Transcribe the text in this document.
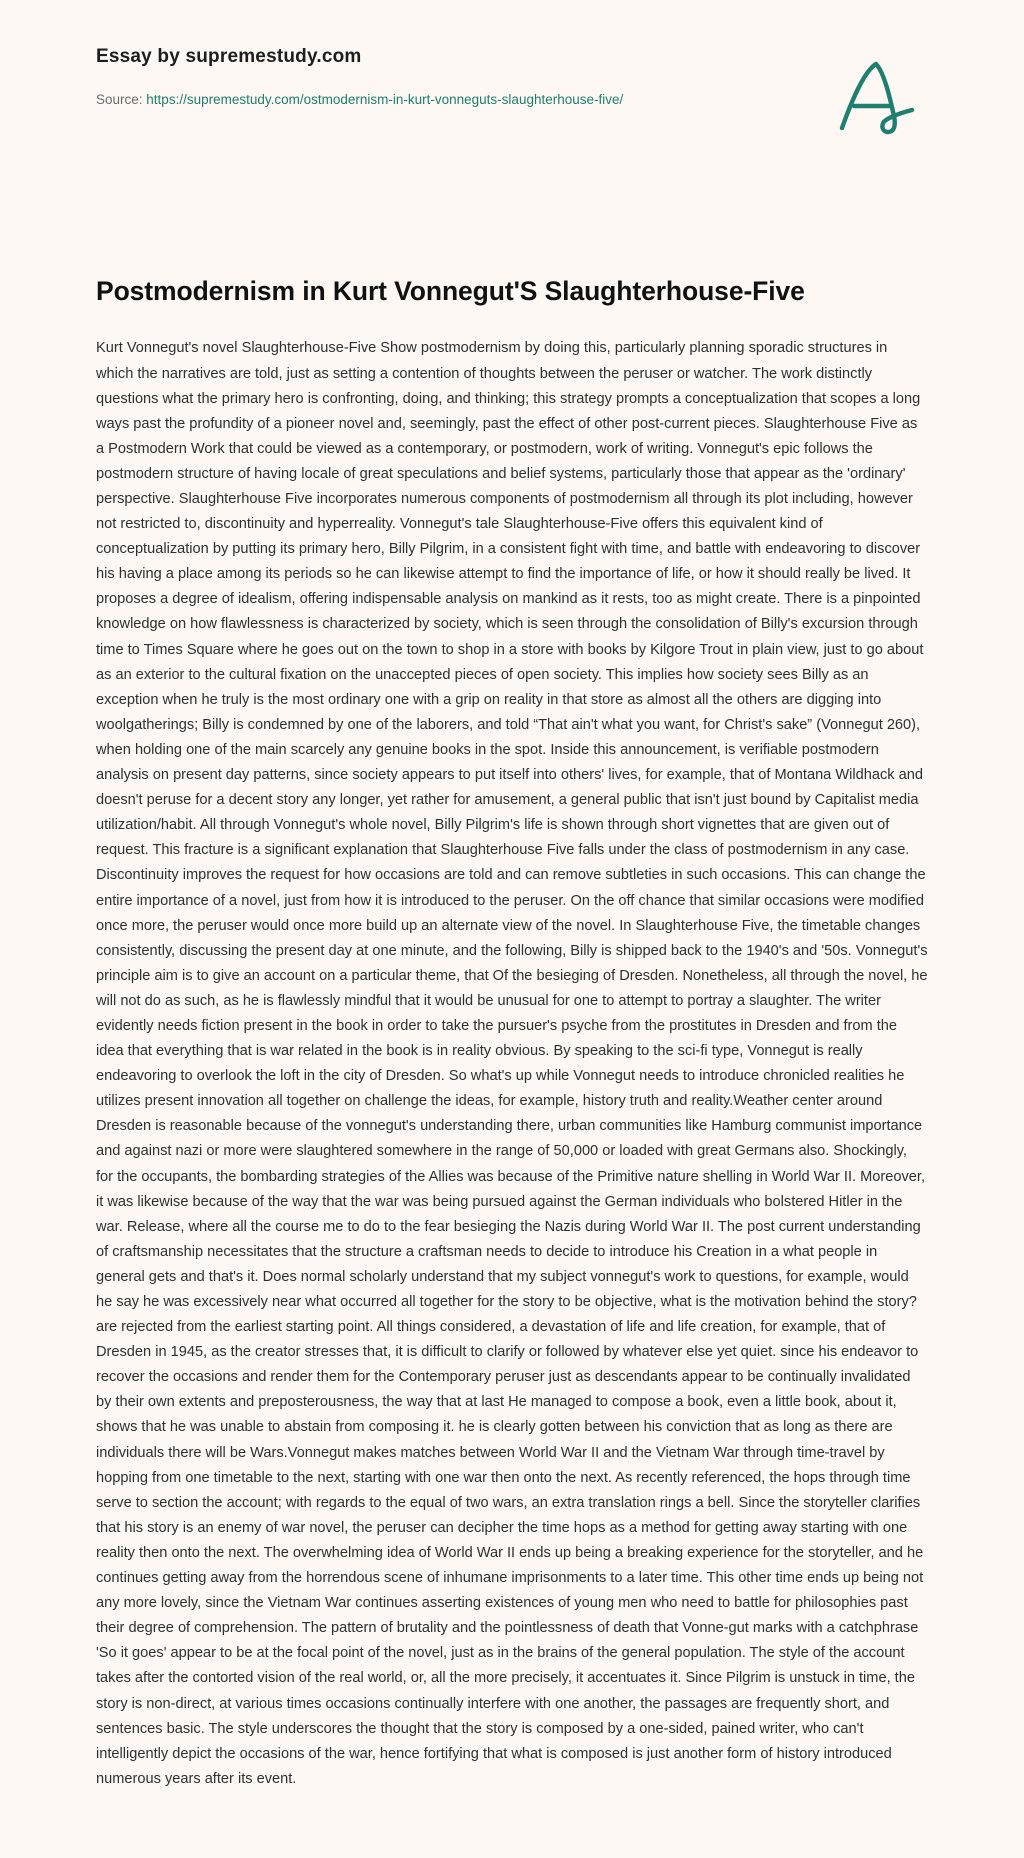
Essay by supremestudy.com
Source: https://supremestudy.com/ostmodernism-in-kurt-vonneguts-slaughterhouse-five/
Postmodernism in Kurt Vonnegut'S Slaughterhouse-Five

Kurt Vonnegut's novel Slaughterhouse-Five Show postmodernism by doing this, particularly planning sporadic structures in which the narratives are told, just as setting a contention of thoughts between the peruser or watcher. The work distinctly questions what the primary hero is confronting, doing, and thinking; this strategy prompts a conceptualization that scopes a long ways past the profundity of a pioneer novel and, seemingly, past the effect of other post-current pieces. Slaughterhouse Five as a Postmodern Work that could be viewed as a contemporary, or postmodern, work of writing. Vonnegut's epic follows the postmodern structure of having locale of great speculations and belief systems, particularly those that appear as the 'ordinary' perspective. Slaughterhouse Five incorporates numerous components of postmodernism all through its plot including, however not restricted to, discontinuity and hyperreality. Vonnegut's tale Slaughterhouse-Five offers this equivalent kind of conceptualization by putting its primary hero, Billy Pilgrim, in a consistent fight with time, and battle with endeavoring to discover his having a place among its periods so he can likewise attempt to find the importance of life, or how it should really be lived. It proposes a degree of idealism, offering indispensable analysis on mankind as it rests, too as might create. There is a pinpointed knowledge on how flawlessness is characterized by society, which is seen through the consolidation of Billy's excursion through time to Times Square where he goes out on the town to shop in a store with books by Kilgore Trout in plain view, just to go about as an exterior to the cultural fixation on the unaccepted pieces of open society. This implies how society sees Billy as an exception when he truly is the most ordinary one with a grip on reality in that store as almost all the others are digging into woolgatherings; Billy is condemned by one of the laborers, and told “That ain't what you want, for Christ's sake” (Vonnegut 260), when holding one of the main scarcely any genuine books in the spot. Inside this announcement, is verifiable postmodern analysis on present day patterns, since society appears to put itself into others' lives, for example, that of Montana Wildhack and doesn't peruse for a decent story any longer, yet rather for amusement, a general public that isn't just bound by Capitalist media utilization/habit. All through Vonnegut's whole novel, Billy Pilgrim's life is shown through short vignettes that are given out of request. This fracture is a significant explanation that Slaughterhouse Five falls under the class of postmodernism in any case. Discontinuity improves the request for how occasions are told and can remove subtleties in such occasions. This can change the entire importance of a novel, just from how it is introduced to the peruser. On the off chance that similar occasions were modified once more, the peruser would once more build up an alternate view of the novel. In Slaughterhouse Five, the timetable changes consistently, discussing the present day at one minute, and the following, Billy is shipped back to the 1940's and '50s. Vonnegut's principle aim is to give an account on a particular theme, that Of the besieging of Dresden. Nonetheless, all through the novel, he will not do as such, as he is flawlessly mindful that it would be unusual for one to attempt to portray a slaughter. The writer evidently needs fiction present in the book in order to take the pursuer's psyche from the prostitutes in Dresden and from the idea that everything that is war related in the book is in reality obvious. By speaking to the sci-fi type, Vonnegut is really endeavoring to overlook the loft in the city of Dresden. So what's up while Vonnegut needs to introduce chronicled realities he utilizes present innovation all together on challenge the ideas, for example, history truth and reality.Weather center around Dresden is reasonable because of the vonnegut's understanding there, urban communities like Hamburg communist importance and against nazi or more were slaughtered somewhere in the range of 50,000 or loaded with great Germans also. Shockingly, for the occupants, the bombarding strategies of the Allies was because of the Primitive nature shelling in World War II. Moreover, it was likewise because of the way that the war was being pursued against the German individuals who bolstered Hitler in the war. Release, where all the course me to do to the fear besieging the Nazis during World War II. The post current understanding of craftsmanship necessitates that the structure a craftsman needs to decide to introduce his Creation in a what people in general gets and that's it. Does normal scholarly understand that my subject vonnegut's work to questions, for example, would he say he was excessively near what occurred all together for the story to be objective, what is the motivation behind the story? are rejected from the earliest starting point. All things considered, a devastation of life and life creation, for example, that of Dresden in 1945, as the creator stresses that, it is difficult to clarify or followed by whatever else yet quiet. since his endeavor to recover the occasions and render them for the Contemporary peruser just as descendants appear to be continually invalidated by their own extents and preposterousness, the way that at last He managed to compose a book, even a little book, about it, shows that he was unable to abstain from composing it. he is clearly gotten between his conviction that as long as there are individuals there will be Wars.Vonnegut makes matches between World War II and the Vietnam War through time-travel by hopping from one timetable to the next, starting with one war then onto the next. As recently referenced, the hops through time serve to section the account; with regards to the equal of two wars, an extra translation rings a bell. Since the storyteller clarifies that his story is an enemy of war novel, the peruser can decipher the time hops as a method for getting away starting with one reality then onto the next. The overwhelming idea of World War II ends up being a breaking experience for the storyteller, and he continues getting away from the horrendous scene of inhumane imprisonments to a later time. This other time ends up being not any more lovely, since the Vietnam War continues asserting existences of young men who need to battle for philosophies past their degree of comprehension. The pattern of brutality and the pointlessness of death that Vonne-gut marks with a catchphrase 'So it goes' appear to be at the focal point of the novel, just as in the brains of the general population. The style of the account takes after the contorted vision of the real world, or, all the more precisely, it accentuates it. Since Pilgrim is unstuck in time, the story is non-direct, at various times occasions continually interfere with one another, the passages are frequently short, and sentences basic. The style underscores the thought that the story is composed by a one-sided, pained writer, who can't intelligently depict the occasions of the war, hence fortifying that what is composed is just another form of history introduced numerous years after its event.
